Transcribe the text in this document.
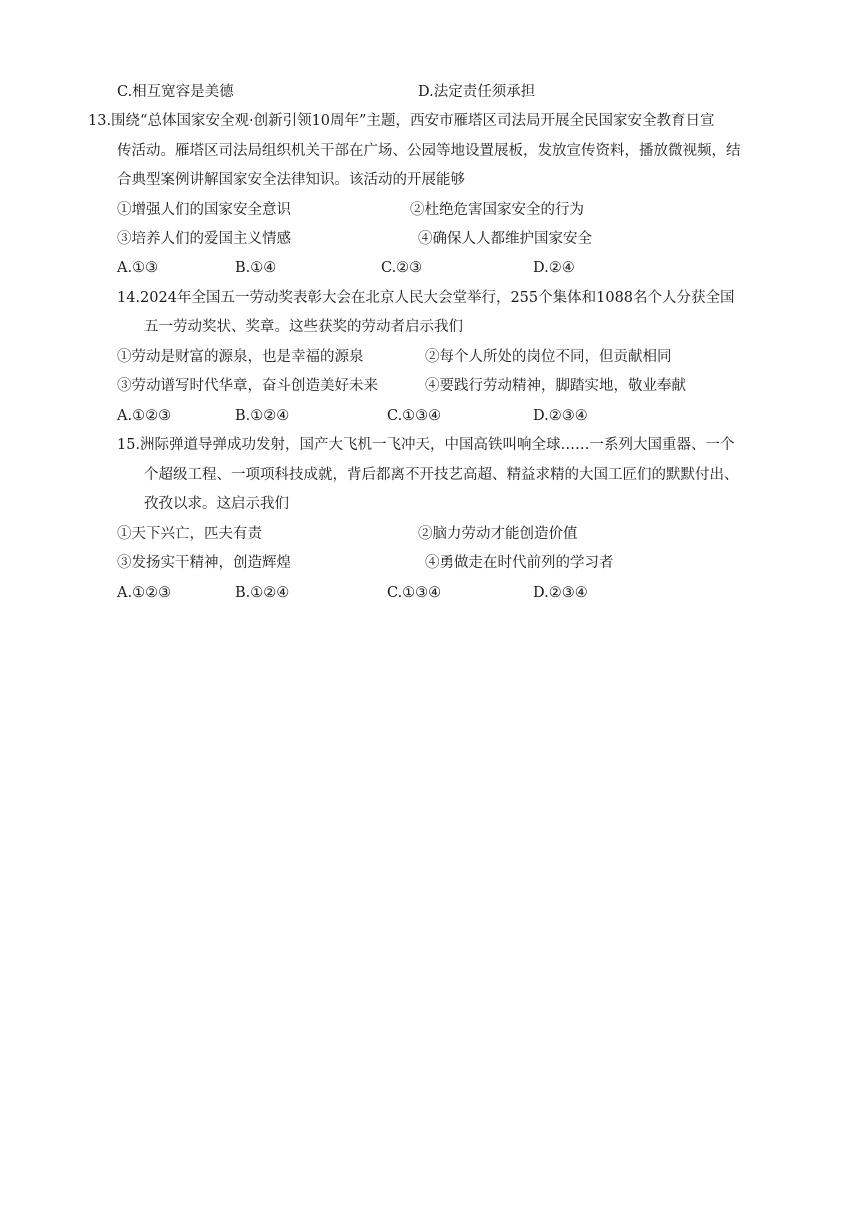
C.相互宽容是美德	D.法定责任须承担
13.围绕“总体国家安全观·创新引领10周年”主题，西安市雁塔区司法局开展全民国家安全教育日宣
传活动。雁塔区司法局组织机关干部在广场、公园等地设置展板，发放宣传资料，播放微视频，结
合典型案例讲解国家安全法律知识。该活动的开展能够
①增强人们的国家安全意识	②杜绝危害国家安全的行为
③培养人们的爱国主义情感	④确保人人都维护国家安全
A.①③	B.①④	C.②③	D.②④
14.2024年全国五一劳动奖表彰大会在北京人民大会堂举行，255个集体和1088名个人分获全国
五一劳动奖状、奖章。这些获奖的劳动者启示我们
①劳动是财富的源泉，也是幸福的源泉	②每个人所处的岗位不同，但贡献相同
③劳动谱写时代华章，奋斗创造美好未来	④要践行劳动精神，脚踏实地，敬业奉献
A.①②③	B.①②④	C.①③④	D.②③④
15.洲际弹道导弹成功发射，国产大飞机一飞冲天，中国高铁叫响全球……一系列大国重器、一个
个超级工程、一项项科技成就，背后都离不开技艺高超、精益求精的大国工匠们的默默付出、
孜孜以求。这启示我们
①天下兴亡，匹夫有责	②脑力劳动才能创造价值
③发扬实干精神，创造辉煌	④勇做走在时代前列的学习者
A.①②③	B.①②④	C.①③④	D.②③④
